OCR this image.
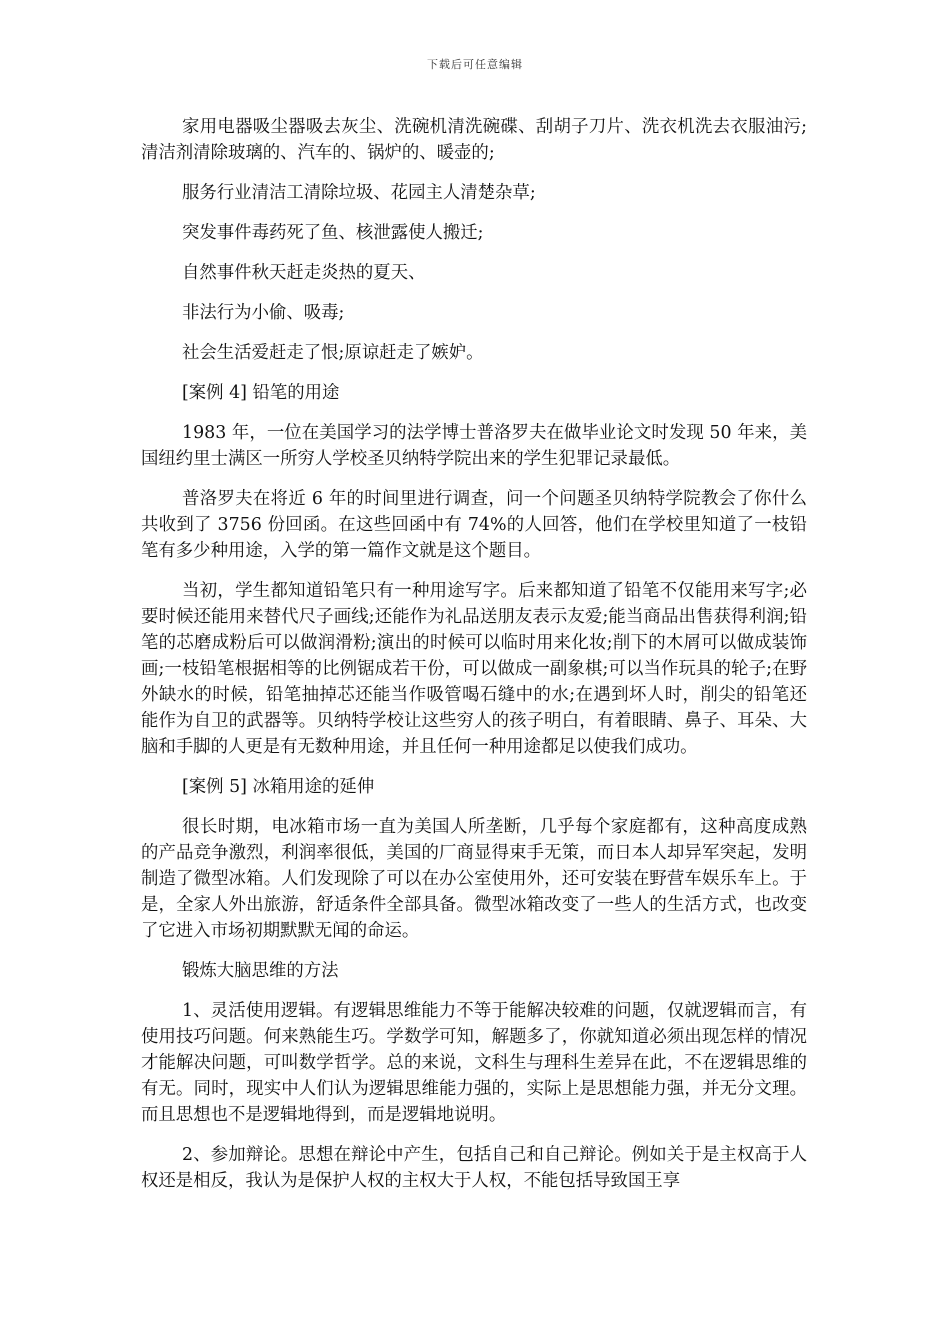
下载后可任意编辑

家用电器吸尘器吸去灰尘、洗碗机清洗碗碟、刮胡子刀片、洗衣机洗去衣服油污;清洁剂清除玻璃的、汽车的、锅炉的、暖壶的;

服务行业清洁工清除垃圾、花园主人清楚杂草;

突发事件毒药死了鱼、核泄露使人搬迁;

自然事件秋天赶走炎热的夏天、

非法行为小偷、吸毒;

社会生活爱赶走了恨;原谅赶走了嫉妒。

[案例 4] 铅笔的用途

1983 年，一位在美国学习的法学博士普洛罗夫在做毕业论文时发现 50 年来，美国纽约里士满区一所穷人学校圣贝纳特学院出来的学生犯罪记录最低。

普洛罗夫在将近 6 年的时间里进行调查，问一个问题圣贝纳特学院教会了你什么 共收到了 3756 份回函。在这些回函中有 74%的人回答，他们在学校里知道了一枝铅笔有多少种用途，入学的第一篇作文就是这个题目。

当初，学生都知道铅笔只有一种用途写字。后来都知道了铅笔不仅能用来写字;必要时候还能用来替代尺子画线;还能作为礼品送朋友表示友爱;能当商品出售获得利润;铅笔的芯磨成粉后可以做润滑粉;演出的时候可以临时用来化妆;削下的木屑可以做成装饰画;一枝铅笔根据相等的比例锯成若干份，可以做成一副象棋;可以当作玩具的轮子;在野外缺水的时候，铅笔抽掉芯还能当作吸管喝石缝中的水;在遇到坏人时，削尖的铅笔还能作为自卫的武器等。贝纳特学校让这些穷人的孩子明白，有着眼睛、鼻子、耳朵、大脑和手脚的人更是有无数种用途，并且任何一种用途都足以使我们成功。

[案例 5] 冰箱用途的延伸

很长时期，电冰箱市场一直为美国人所垄断，几乎每个家庭都有，这种高度成熟的产品竞争激烈，利润率很低，美国的厂商显得束手无策，而日本人却异军突起，发明制造了微型冰箱。人们发现除了可以在办公室使用外，还可安装在野营车娱乐车上。于是，全家人外出旅游，舒适条件全部具备。微型冰箱改变了一些人的生活方式，也改变了它进入市场初期默默无闻的命运。

锻炼大脑思维的方法

1、灵活使用逻辑。有逻辑思维能力不等于能解决较难的问题，仅就逻辑而言，有使用技巧问题。何来熟能生巧。学数学可知，解题多了，你就知道必须出现怎样的情况才能解决问题，可叫数学哲学。总的来说，文科生与理科生差异在此，不在逻辑思维的有无。同时，现实中人们认为逻辑思维能力强的，实际上是思想能力强，并无分文理。而且思想也不是逻辑地得到，而是逻辑地说明。

2、参加辩论。思想在辩论中产生，包括自己和自己辩论。例如关于是主权高于人权还是相反，我认为是保护人权的主权大于人权，不能包括导致国王享
